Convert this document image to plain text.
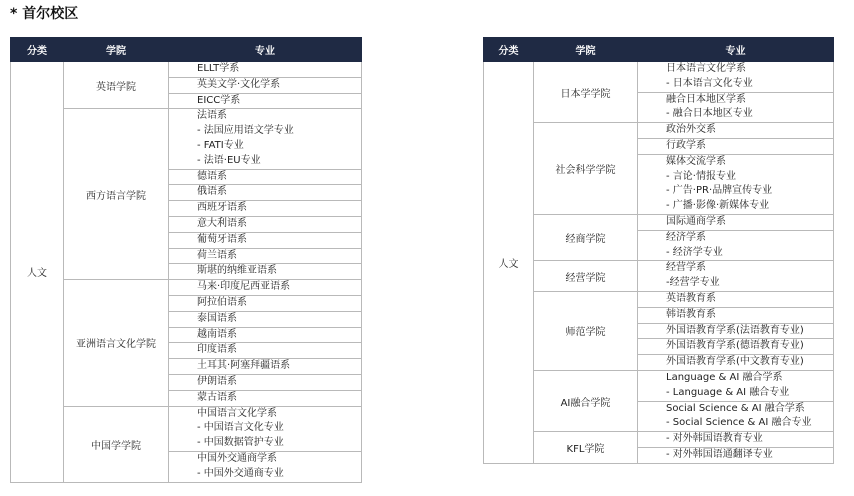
* 首尔校区
分类	学院	专业
人文	英语学院	ELLT学系
		英美文学·文化学系
		EICC学系
	西方语言学院	法语系
		- 法国应用语文学专业
		- FATI专业
		- 法语·EU专业
		德语系
		俄语系
		西班牙语系
		意大利语系
		葡萄牙语系
		荷兰语系
		斯堪的纳维亚语系
	亚洲语言文化学院	马来·印度尼西亚语系
		阿拉伯语系
		泰国语系
		越南语系
		印度语系
		土耳其·阿塞拜疆语系
		伊朗语系
		蒙古语系
	中国学学院	中国语言文化学系
		- 中国语言文化专业
		- 中国数据管护专业
		中国外交通商学系
		- 中国外交通商专业
分类	学院	专业
人文	日本学学院	日本语言文化学系
		- 日本语言文化专业
		融合日本地区学系
		- 融合日本地区专业
	社会科学学院	政治外交系
		行政学系
		媒体交流学系
		- 言论·情报专业
		- 广告·PR·品牌宣传专业
		- 广播·影像·新媒体专业
	经商学院	国际通商学系
		经济学系
		- 经济学专业
	经营学院	经营学系
		-经营学专业
	师范学院	英语教育系
		韩语教育系
		外国语教育学系(法语教育专业)
		外国语教育学系(德语教育专业)
		外国语教育学系(中文教育专业)
	AI融合学院	Language & AI 融合学系
		- Language & AI 融合专业
		Social Science & AI 融合学系
		- Social Science & AI 融合专业
	KFL学院	- 对外韩国语教育专业
		- 对外韩国语通翻译专业
